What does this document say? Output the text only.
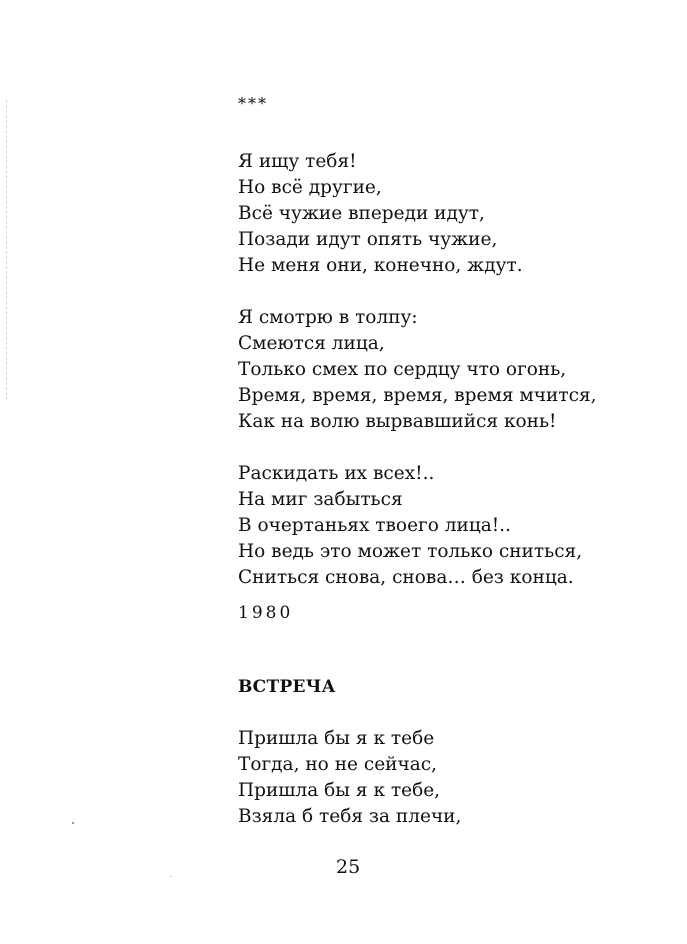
***
Я ищу тебя!
Но всё другие,
Всё чужие впереди идут,
Позади идут опять чужие,
Не меня они, конечно, ждут.
Я смотрю в толпу:
Смеются лица,
Только смех по сердцу что огонь,
Время, время, время, время мчится,
Как на волю вырвавшийся конь!
Раскидать их всех!..
На миг забыться
В очертаньях твоего лица!..
Но ведь это может только сниться,
Сниться снова, снова… без конца.
1980
ВСТРЕЧА
Пришла бы я к тебе
Тогда, но не сейчас,
Пришла бы я к тебе,
Взяла б тебя за плечи,
25
